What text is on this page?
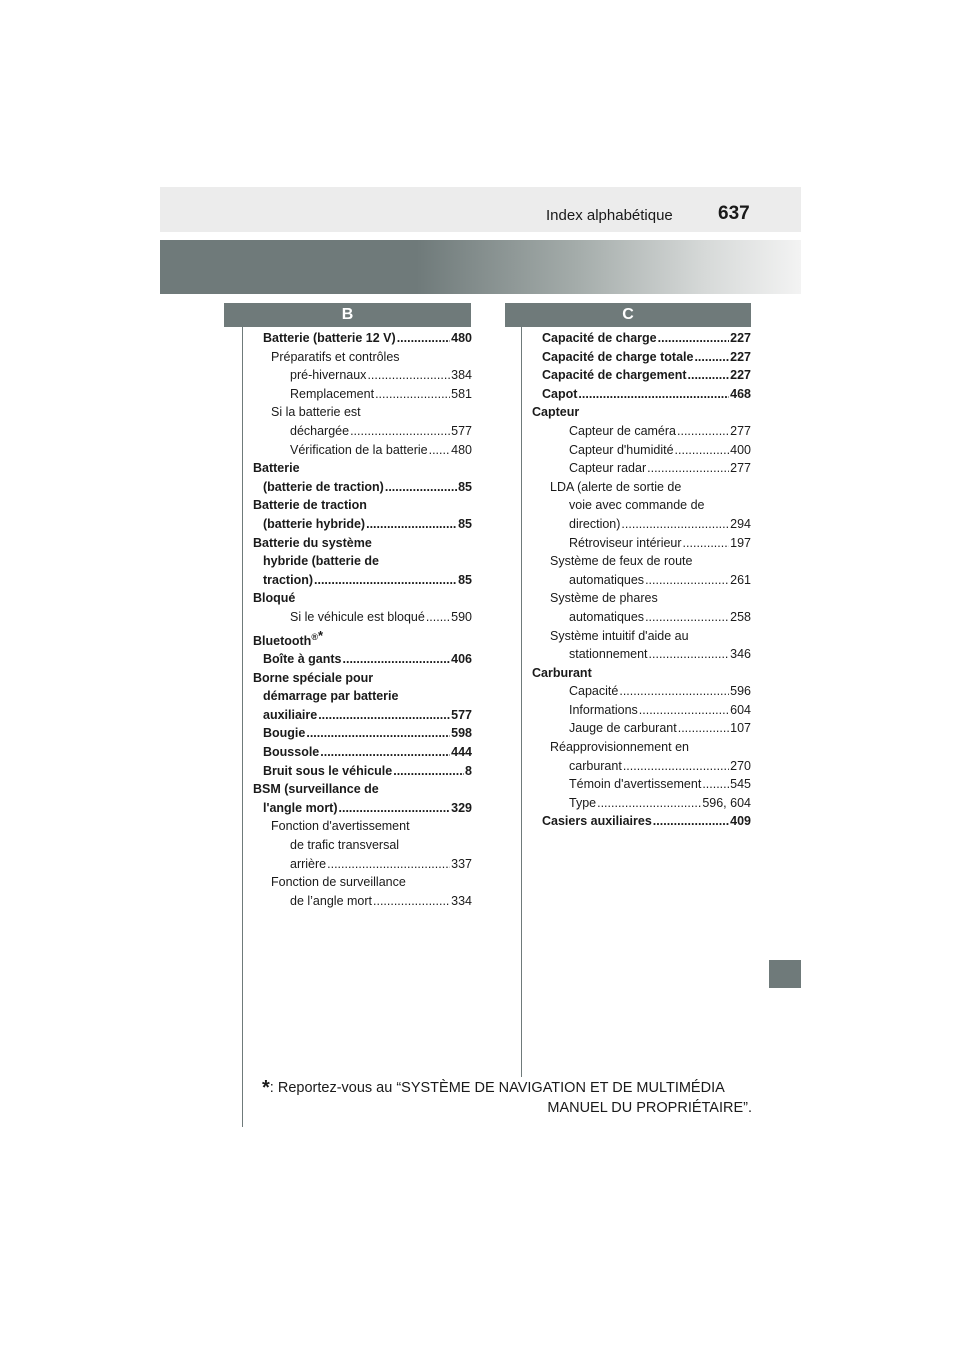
Index alphabétique 637
B	C
Batterie (batterie 12 V) .....	480
Préparatifs et contrôles

pré-hivernaux .....	384
Remplacement .....	581
Si la batterie est

déchargée .....	577
Vérification de la batterie ..... 480
Batterie

(batterie de traction) .....	85
Batterie de traction

(batterie hybride) .....	85
Batterie du système
hybride (batterie de

traction) .....	85
Bloqué
Si le véhicule est bloqué ..... 590
Bluetooth®*
Boîte à gants .....	406
Borne spéciale pour
démarrage par batterie

auxiliaire .....	577
Bougie .....	598
Boussole .....	444
Bruit sous le véhicule .....	8
BSM (surveillance de

l'angle mort) .....	329
Fonction d'avertissement
de trafic transversal

arrière .....	337
Fonction de surveillance

de l’angle mort .....	334
Capacité de charge .....	227
Capacité de charge totale .....	227
Capacité de chargement .....	227
Capot .....	468
Capteur
Capteur de caméra .....	277
Capteur d'humidité .....	400
Capteur radar .....	277
LDA (alerte de sortie de
voie avec commande de

direction) .....	294
Rétroviseur intérieur .....	197
Système de feux de route

automatiques .....	261
Système de phares

automatiques .....	258
Système intuitif d'aide au

stationnement .....	346
Carburant
Capacité .....	596
Informations .....	604
Jauge de carburant .....	107
Réapprovisionnement en

carburant .....	270
Témoin d'avertissement ..... 545
Type .....	596, 604
Casiers auxiliaires .....	409
*: Reportez-vous au “SYSTÈME DE NAVIGATION ET DE MULTIMÉDIA
MANUEL DU PROPRIÉTAIRE”.
